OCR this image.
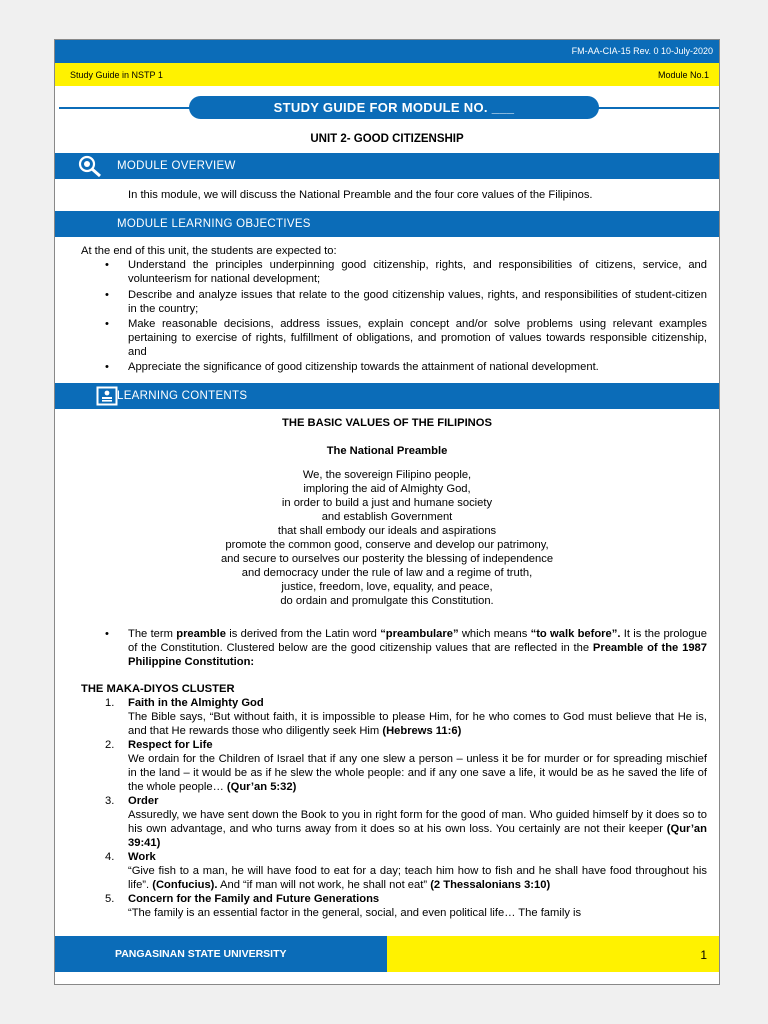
FM-AA-CIA-15 Rev. 0 10-July-2020
Study Guide in NSTP 1	Module No.1
STUDY GUIDE FOR MODULE NO. ___
UNIT 2- GOOD CITIZENSHIP
MODULE OVERVIEW
In this module, we will discuss the National Preamble and the four core values of the Filipinos.
MODULE LEARNING OBJECTIVES
At the end of this unit, the students are expected to:
• Understand the principles underpinning good citizenship, rights, and responsibilities of citizens, service, and volunteerism for national development;
• Describe and analyze issues that relate to the good citizenship values, rights, and responsibilities of student-citizen in the country;
• Make reasonable decisions, address issues, explain concept and/or solve problems using relevant examples pertaining to exercise of rights, fulfillment of obligations, and promotion of values towards responsible citizenship, and
• Appreciate the significance of good citizenship towards the attainment of national development.
LEARNING CONTENTS
THE BASIC VALUES OF THE FILIPINOS
The National Preamble
We, the sovereign Filipino people,
imploring the aid of Almighty God,
in order to build a just and humane society
and establish Government
that shall embody our ideals and aspirations
promote the common good, conserve and develop our patrimony,
and secure to ourselves our posterity the blessing of independence
and democracy under the rule of law and a regime of truth,
justice, freedom, love, equality, and peace,
do ordain and promulgate this Constitution.
• The term preamble is derived from the Latin word “preambulare” which means “to walk before”. It is the prologue of the Constitution. Clustered below are the good citizenship values that are reflected in the Preamble of the 1987 Philippine Constitution:
THE MAKA-DIYOS CLUSTER
1. Faith in the Almighty God
The Bible says, “But without faith, it is impossible to please Him, for he who comes to God must believe that He is, and that He rewards those who diligently seek Him (Hebrews 11:6)
2. Respect for Life
We ordain for the Children of Israel that if any one slew a person – unless it be for murder or for spreading mischief in the land – it would be as if he slew the whole people: and if any one save a life, it would be as he saved the life of the whole people… (Qur’an 5:32)
3. Order
Assuredly, we have sent down the Book to you in right form for the good of man. Who guided himself by it does so to his own advantage, and who turns away from it does so at his own loss. You certainly are not their keeper (Qur’an 39:41)
4. Work
“Give fish to a man, he will have food to eat for a day; teach him how to fish and he shall have food throughout his life”. (Confucius). And “if man will not work, he shall not eat” (2 Thessalonians 3:10)
5. Concern for the Family and Future Generations
“The family is an essential factor in the general, social, and even political life… The family is
PANGASINAN STATE UNIVERSITY	1
